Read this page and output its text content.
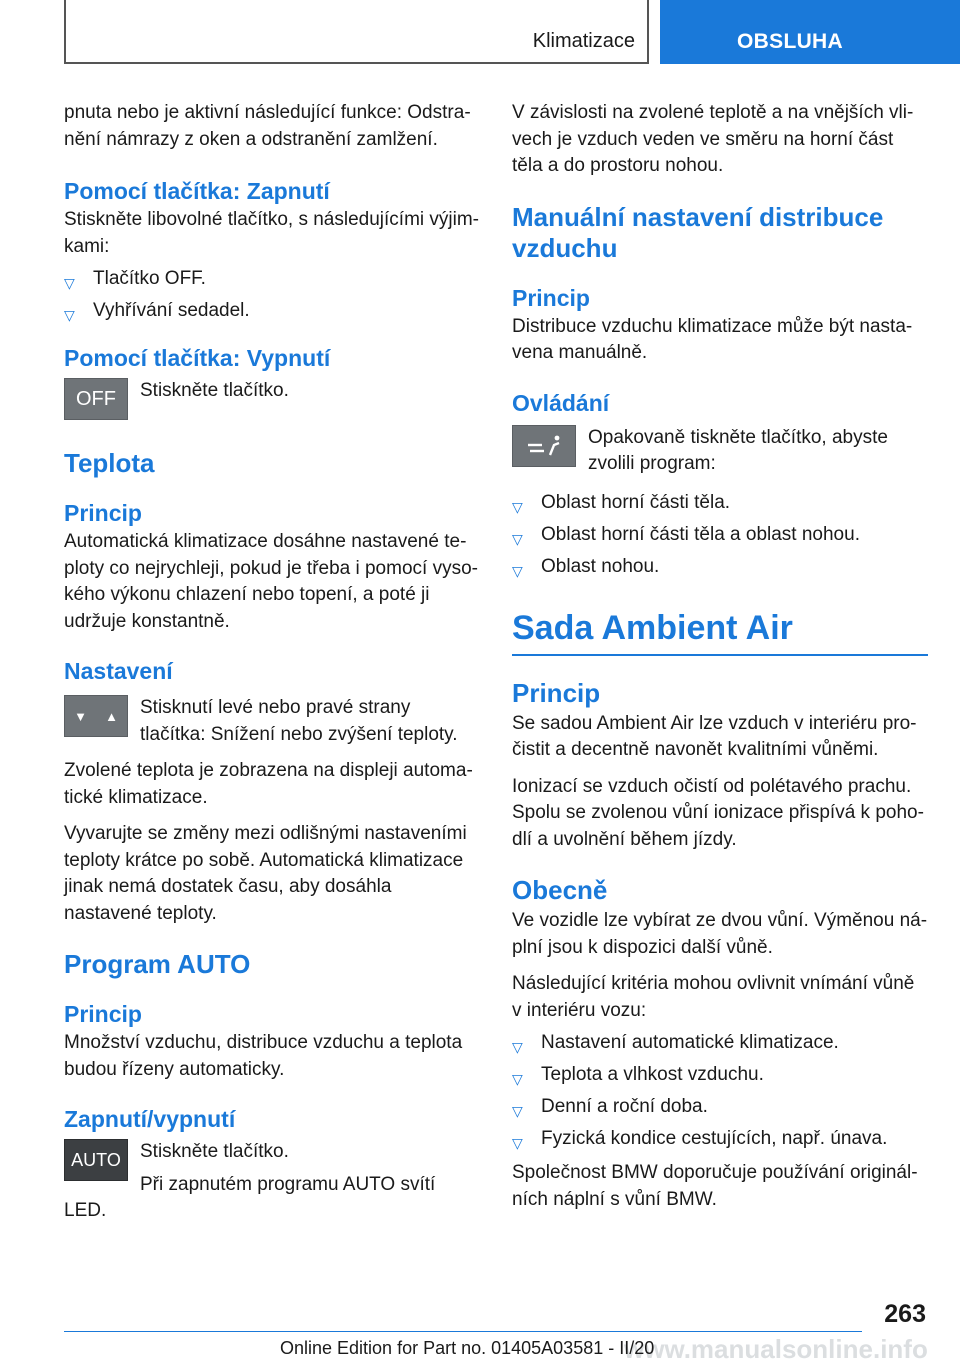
Klimatizace	OBSLUHA

pnuta nebo je aktivní následující funkce: Odstranění námrazy z oken a odstranění zamlžení.

Pomocí tlačítka: Zapnutí

Stiskněte libovolné tlačítko, s následujícími výjimkami:

▽ Tlačítko OFF.
▽ Vyhřívání sedadel.
Pomocí tlačítka: Vypnutí
OFF	Stiskněte tlačítko.

Teplota
Princip

Automatická klimatizace dosáhne nastavené teploty co nejrychleji, pokud je třeba i pomocí vysokého výkonu chlazení nebo topení, a poté ji udržuje konstantně.

Nastavení
▼ ▲	Stisknutí levé nebo pravé strany tlačítka: Snížení nebo zvýšení teploty.

Zvolené teplota je zobrazena na displeji automatické klimatizace.

Vyvarujte se změny mezi odlišnými nastaveními teploty krátce po sobě. Automatická klimatizace jinak nemá dostatek času, aby dosáhla nastavené teploty.

Program AUTO
Princip

Množství vzduchu, distribuce vzduchu a teplota budou řízeny automaticky.

Zapnutí/vypnutí
AUTO	Stiskněte tlačítko.

Při zapnutém programu AUTO svítí

LED.

V závislosti na zvolené teplotě a na vnějších vlivech je vzduch veden ve směru na horní část těla a do prostoru nohou.

Manuální nastavení distribuce vzduchu
Princip

Distribuce vzduchu klimatizace může být nastavena manuálně.

Ovládání

Opakovaně tiskněte tlačítko, abyste zvolili program:

▽ Oblast horní části těla.
▽ Oblast horní části těla a oblast nohou.
▽ Oblast nohou.
Sada Ambient Air
Princip

Se sadou Ambient Air lze vzduch v interiéru pročistit a decentně navonět kvalitními vůněmi.

Ionizací se vzduch očistí od polétavého prachu. Spolu se zvolenou vůní ionizace přispívá k pohodlí a uvolnění během jízdy.

Obecně

Ve vozidle lze vybírat ze dvou vůní. Výměnou náplní jsou k dispozici další vůně.

Následující kritéria mohou ovlivnit vnímání vůně v interiéru vozu:

▽ Nastavení automatické klimatizace.
▽ Teplota a vlhkost vzduchu.
▽ Denní a roční doba.
▽ Fyzická kondice cestujících, např. únava.

Společnost BMW doporučuje používání originálních náplní s vůní BMW.

263
www.manualsonline.info
Online Edition for Part no. 01405A03581 - II/20
